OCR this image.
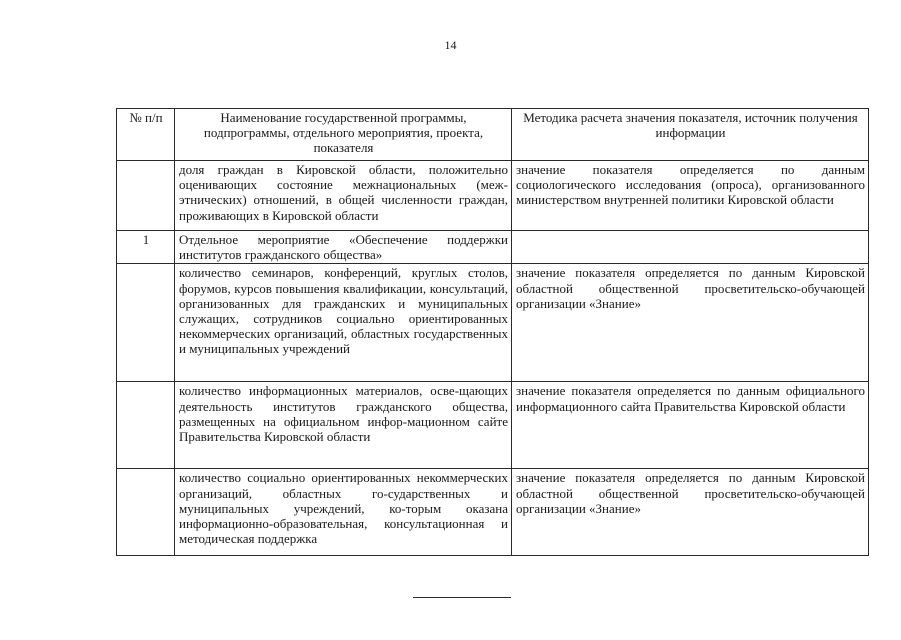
14
№ п/п	Наименование государственной программы, подпрограммы, отдельного мероприятия, проекта, показателя	Методика расчета значения показателя, источник получения информации
	доля граждан в Кировской области, положительно оценивающих состояние межнациональных (меж-этнических) отношений, в общей численности граждан, проживающих в Кировской области	значение показателя определяется по данным социологического исследования (опроса), организованного министерством внутренней политики Кировской области
1	Отдельное мероприятие «Обеспечение поддержки институтов гражданского общества»	
	количество семинаров, конференций, круглых столов, форумов, курсов повышения квалификации, консультаций, организованных для гражданских и муниципальных служащих, сотрудников социально ориентированных некоммерческих организаций, областных государственных и муниципальных учреждений	значение показателя определяется по данным Кировской областной общественной просветительско-обучающей организации «Знание»
	количество информационных материалов, осве-щающих деятельность институтов гражданского общества, размещенных на официальном инфор-мационном сайте Правительства Кировской области	значение показателя определяется по данным официального информационного сайта Правительства Кировской области
	количество социально ориентированных некоммерческих организаций, областных го-сударственных и муниципальных учреждений, ко-торым оказана информационно-образовательная, консультационная и методическая поддержка	значение показателя определяется по данным Кировской областной общественной просветительско-обучающей организации «Знание»
